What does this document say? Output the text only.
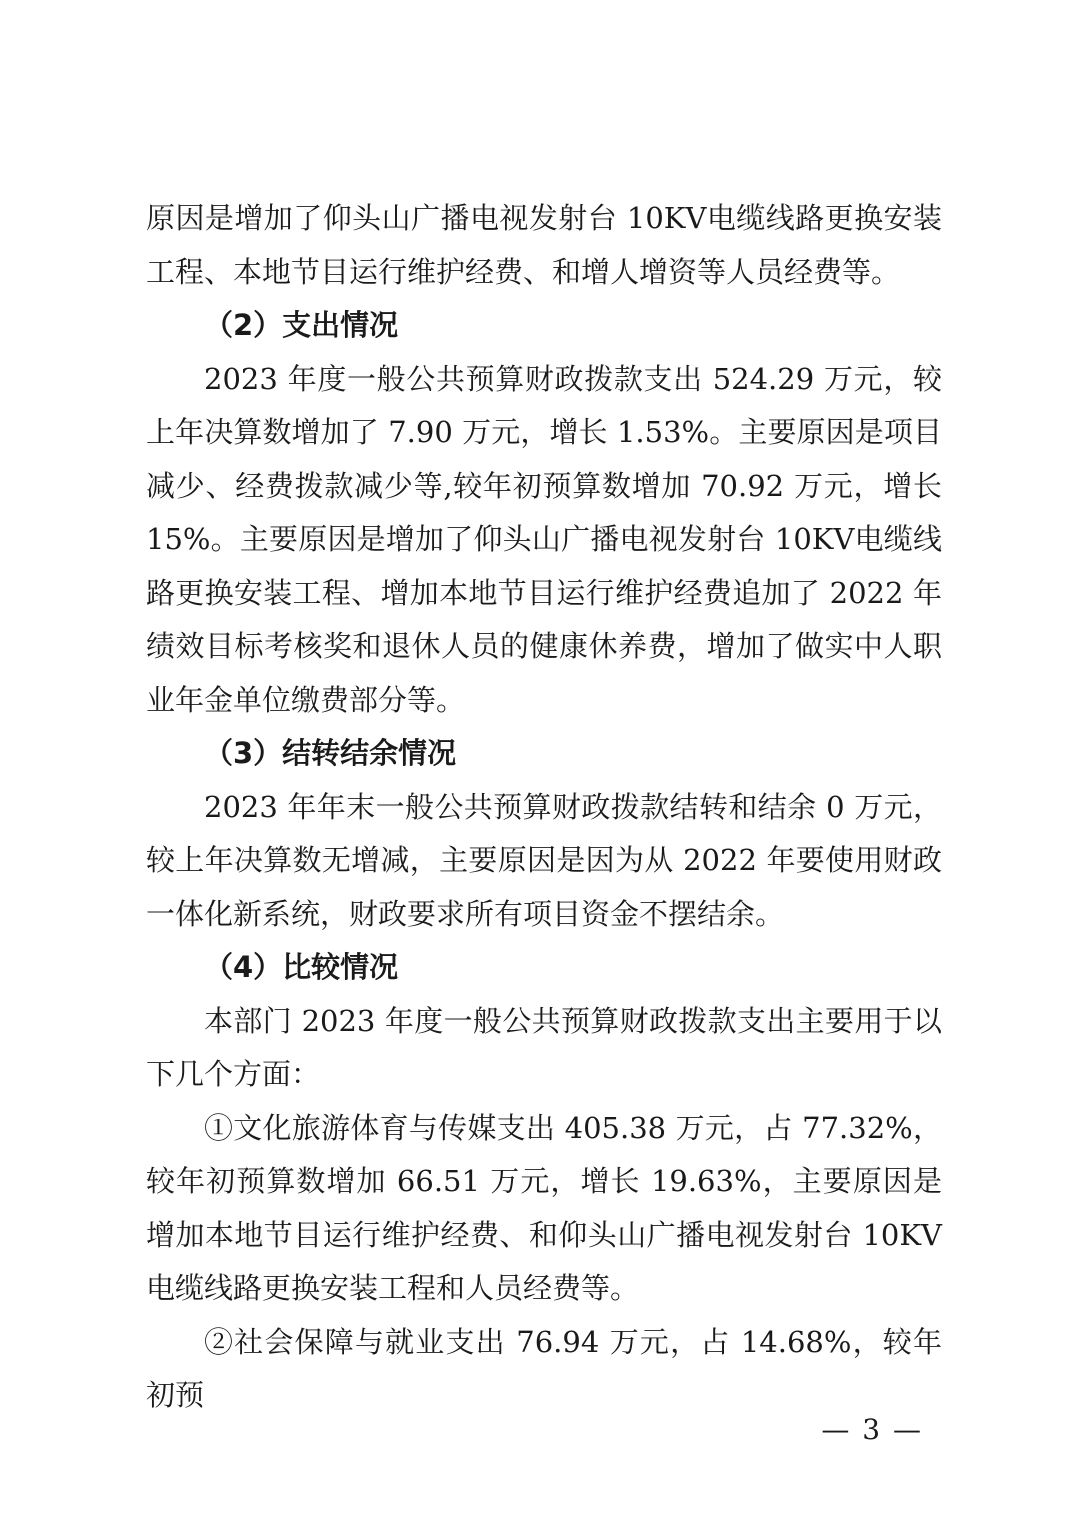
原因是增加了仰头山广播电视发射台 10KV电缆线路更换安装工程、本地节目运行维护经费、和增人增资等人员经费等。

（2）支出情况

2023 年度一般公共预算财政拨款支出 524.29 万元，较上年决算数增加了 7.90 万元，增长 1.53%。主要原因是项目减少、经费拨款减少等,较年初预算数增加 70.92 万元，增长 15%。主要原因是增加了仰头山广播电视发射台 10KV电缆线路更换安装工程、增加本地节目运行维护经费追加了 2022 年绩效目标考核奖和退休人员的健康休养费，增加了做实中人职业年金单位缴费部分等。

（3）结转结余情况

2023 年年末一般公共预算财政拨款结转和结余 0 万元，较上年决算数无增减，主要原因是因为从 2022 年要使用财政一体化新系统，财政要求所有项目资金不摆结余。

（4）比较情况

本部门 2023 年度一般公共预算财政拨款支出主要用于以下几个方面：

①文化旅游体育与传媒支出 405.38 万元，占 77.32%，较年初预算数增加 66.51 万元，增长 19.63%，主要原因是增加本地节目运行维护经费、和仰头山广播电视发射台 10KV 电缆线路更换安装工程和人员经费等。

②社会保障与就业支出 76.94 万元，占 14.68%，较年初预

— 3 —
